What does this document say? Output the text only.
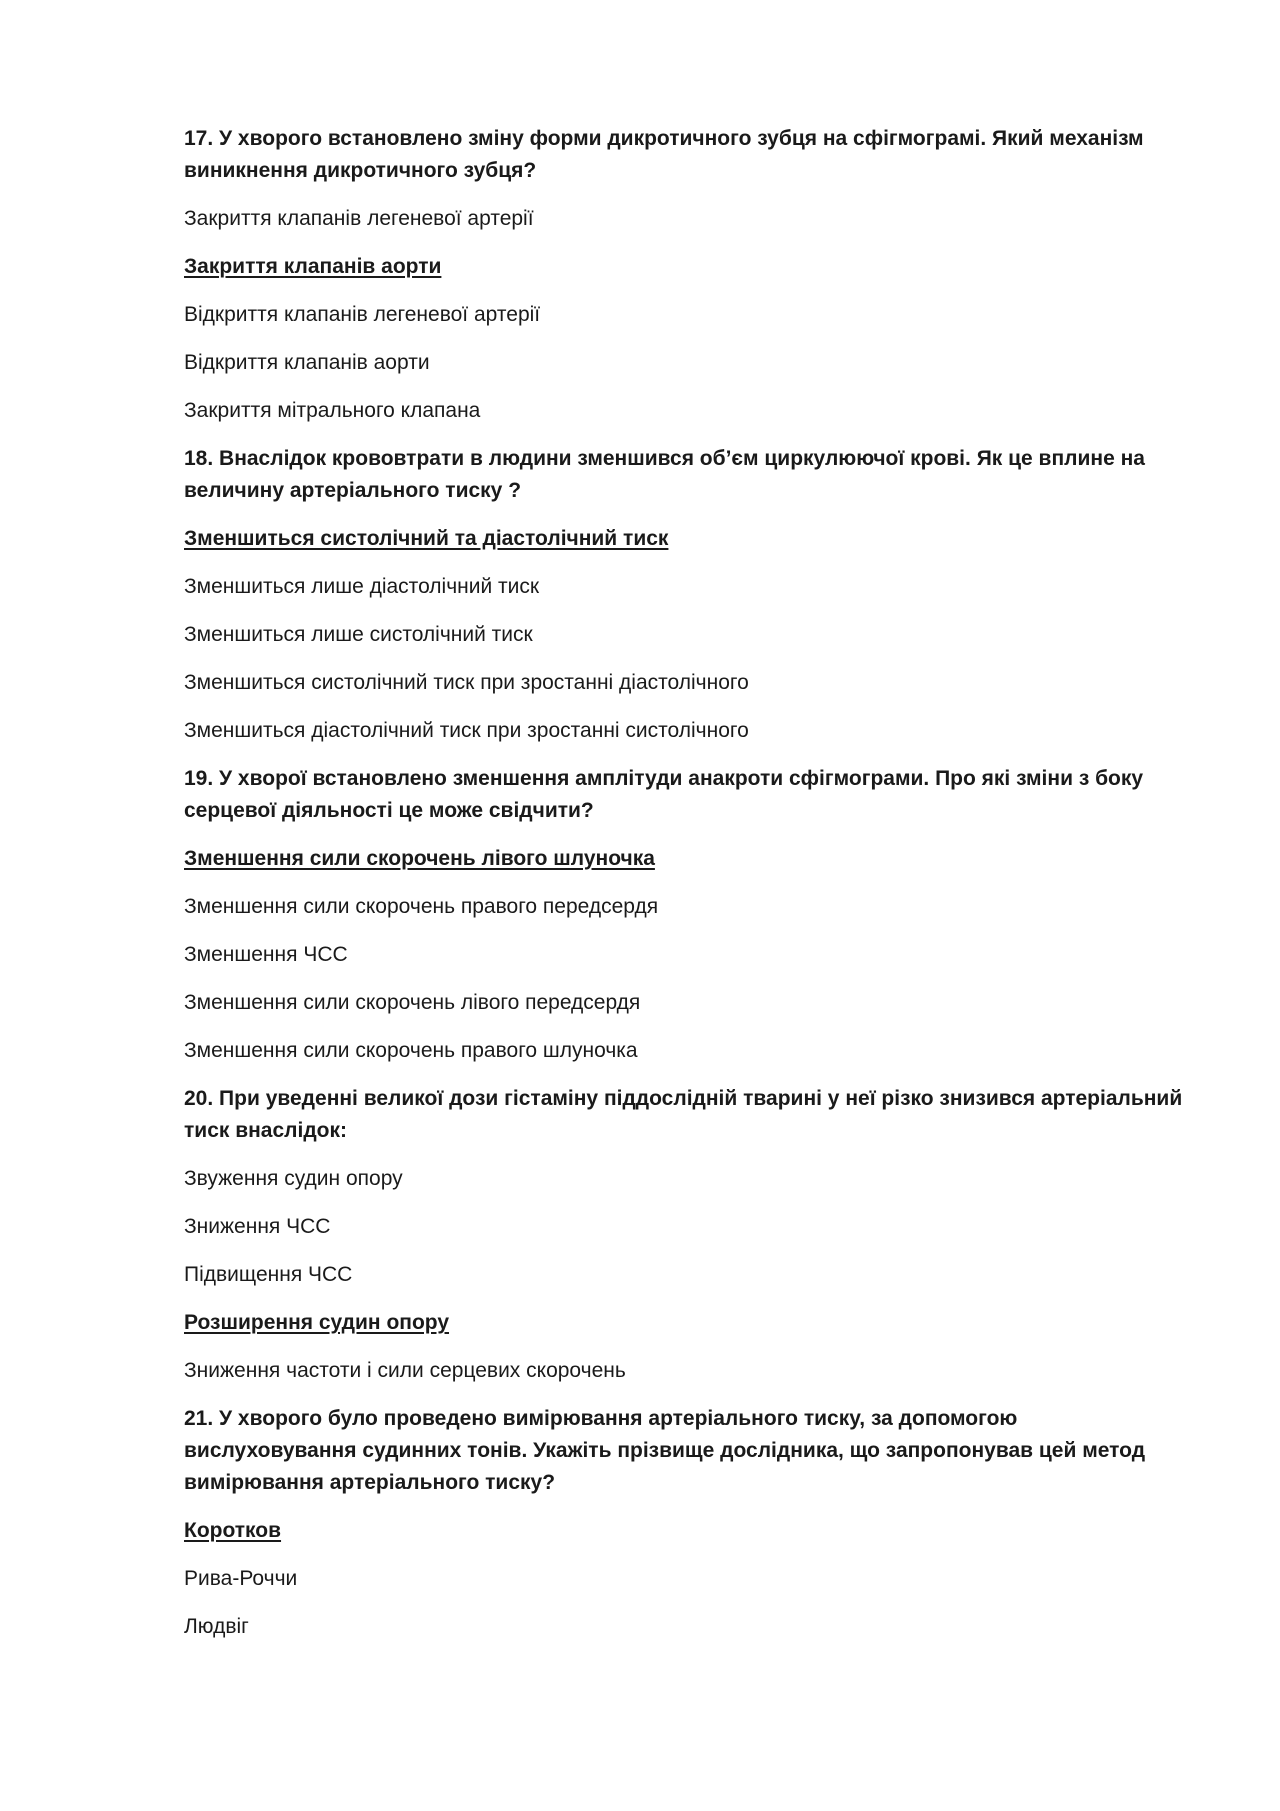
17. У хворого встановлено зміну форми дикротичного зубця на сфігмограмі. Який механізм виникнення дикротичного зубця?

Закриття клапанів легеневої артерії

Закриття клапанів аорти

Відкриття клапанів легеневої артерії

Відкриття клапанів аорти

Закриття мітрального клапана

18. Внаслідок крововтрати в людини зменшився об’єм циркулюючої крові. Як це вплине на величину артеріального тиску ?

Зменшиться систолічний та діастолічний тиск

Зменшиться лише діастолічний тиск

Зменшиться лише систолічний тиск

Зменшиться систолічний тиск при зростанні діастолічного

Зменшиться діастолічний тиск при зростанні систолічного

19. У хворої встановлено зменшення амплітуди анакроти сфігмограми. Про які зміни з боку серцевої діяльності це може свідчити?

Зменшення сили скорочень лівого шлуночка

Зменшення сили скорочень правого передсердя

Зменшення ЧСС

Зменшення сили скорочень лівого передсердя

Зменшення сили скорочень правого шлуночка

20. При уведенні великої дози гістаміну піддослідній тварині у неї різко знизився артеріальний тиск внаслідок:

Звуження судин опору

Зниження ЧСС

Підвищення ЧСС

Розширення судин опору

Зниження частоти і сили серцевих скорочень

21. У хворого було проведено вимірювання артеріального тиску, за допомогою вислуховування судинних тонів. Укажіть прізвище дослідника, що запропонував цей метод вимірювання артеріального тиску?

Коротков

Рива-Роччи

Людвіг
